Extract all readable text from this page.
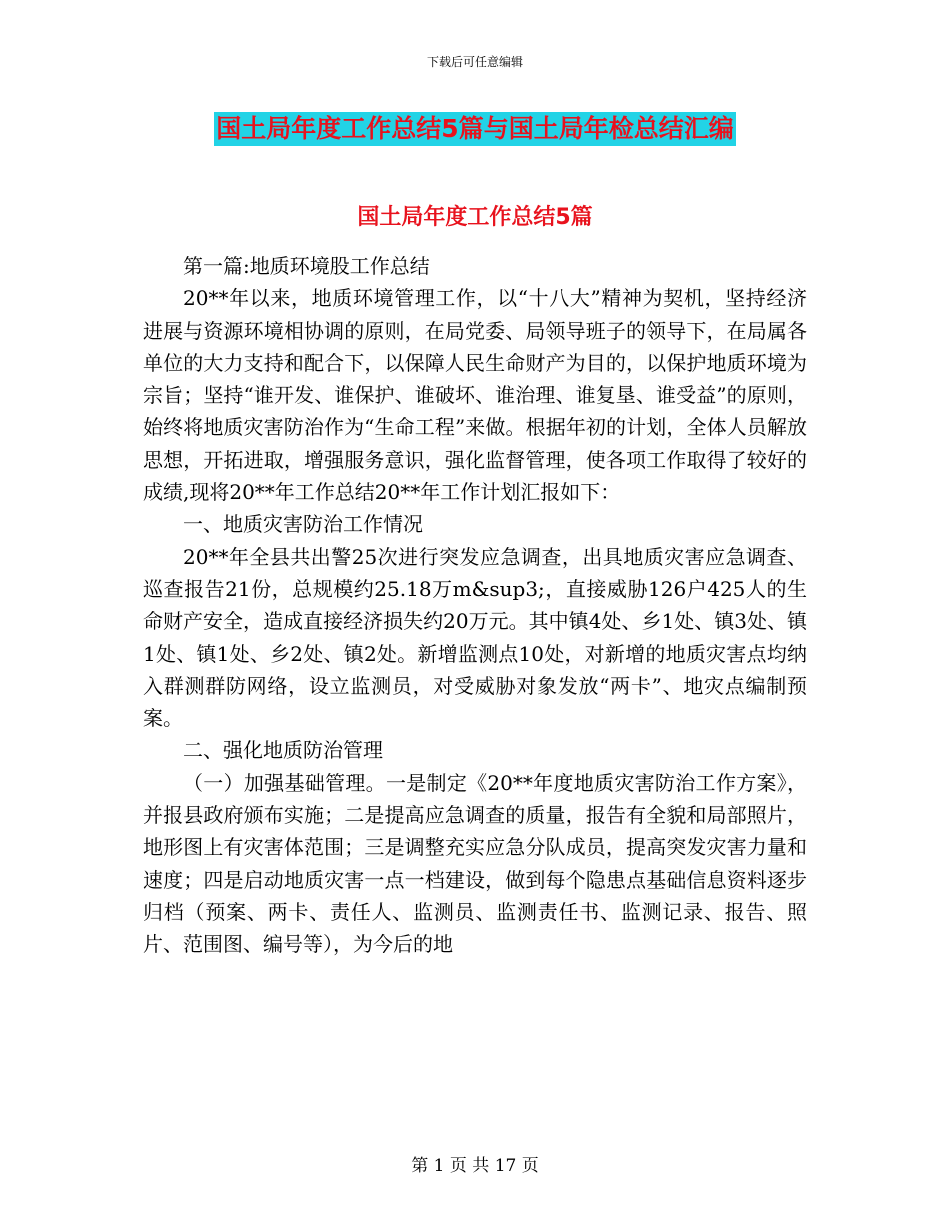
下载后可任意编辑
国土局年度工作总结5篇与国土局年检总结汇编
国土局年度工作总结5篇

第一篇:地质环境股工作总结

20**年以来，地质环境管理工作，以“十八大”精神为契机，坚持经济进展与资源环境相协调的原则，在局党委、局领导班子的领导下，在局属各单位的大力支持和配合下，以保障人民生命财产为目的，以保护地质环境为宗旨；坚持“谁开发、谁保护、谁破坏、谁治理、谁复垦、谁受益”的原则，始终将地质灾害防治作为“生命工程”来做。根据年初的计划，全体人员解放思想，开拓进取，增强服务意识，强化监督管理，使各项工作取得了较好的成绩,现将20**年工作总结20**年工作计划汇报如下：

一、地质灾害防治工作情况

20**年全县共出警25次进行突发应急调查，出具地质灾害应急调查、巡查报告21份，总规模约25.18万m&sup3;，直接威胁126户425人的生命财产安全，造成直接经济损失约20万元。其中镇4处、乡1处、镇3处、镇1处、镇1处、乡2处、镇2处。新增监测点10处，对新增的地质灾害点均纳入群测群防网络，设立监测员，对受威胁对象发放“两卡”、地灾点编制预案。

二、强化地质防治管理

（一）加强基础管理。一是制定《20**年度地质灾害防治工作方案》，并报县政府颁布实施；二是提高应急调查的质量，报告有全貌和局部照片，地形图上有灾害体范围；三是调整充实应急分队成员，提高突发灾害力量和速度；四是启动地质灾害一点一档建设，做到每个隐患点基础信息资料逐步归档（预案、两卡、责任人、监测员、监测责任书、监测记录、报告、照片、范围图、编号等），为今后的地

第 1 页 共 17 页
